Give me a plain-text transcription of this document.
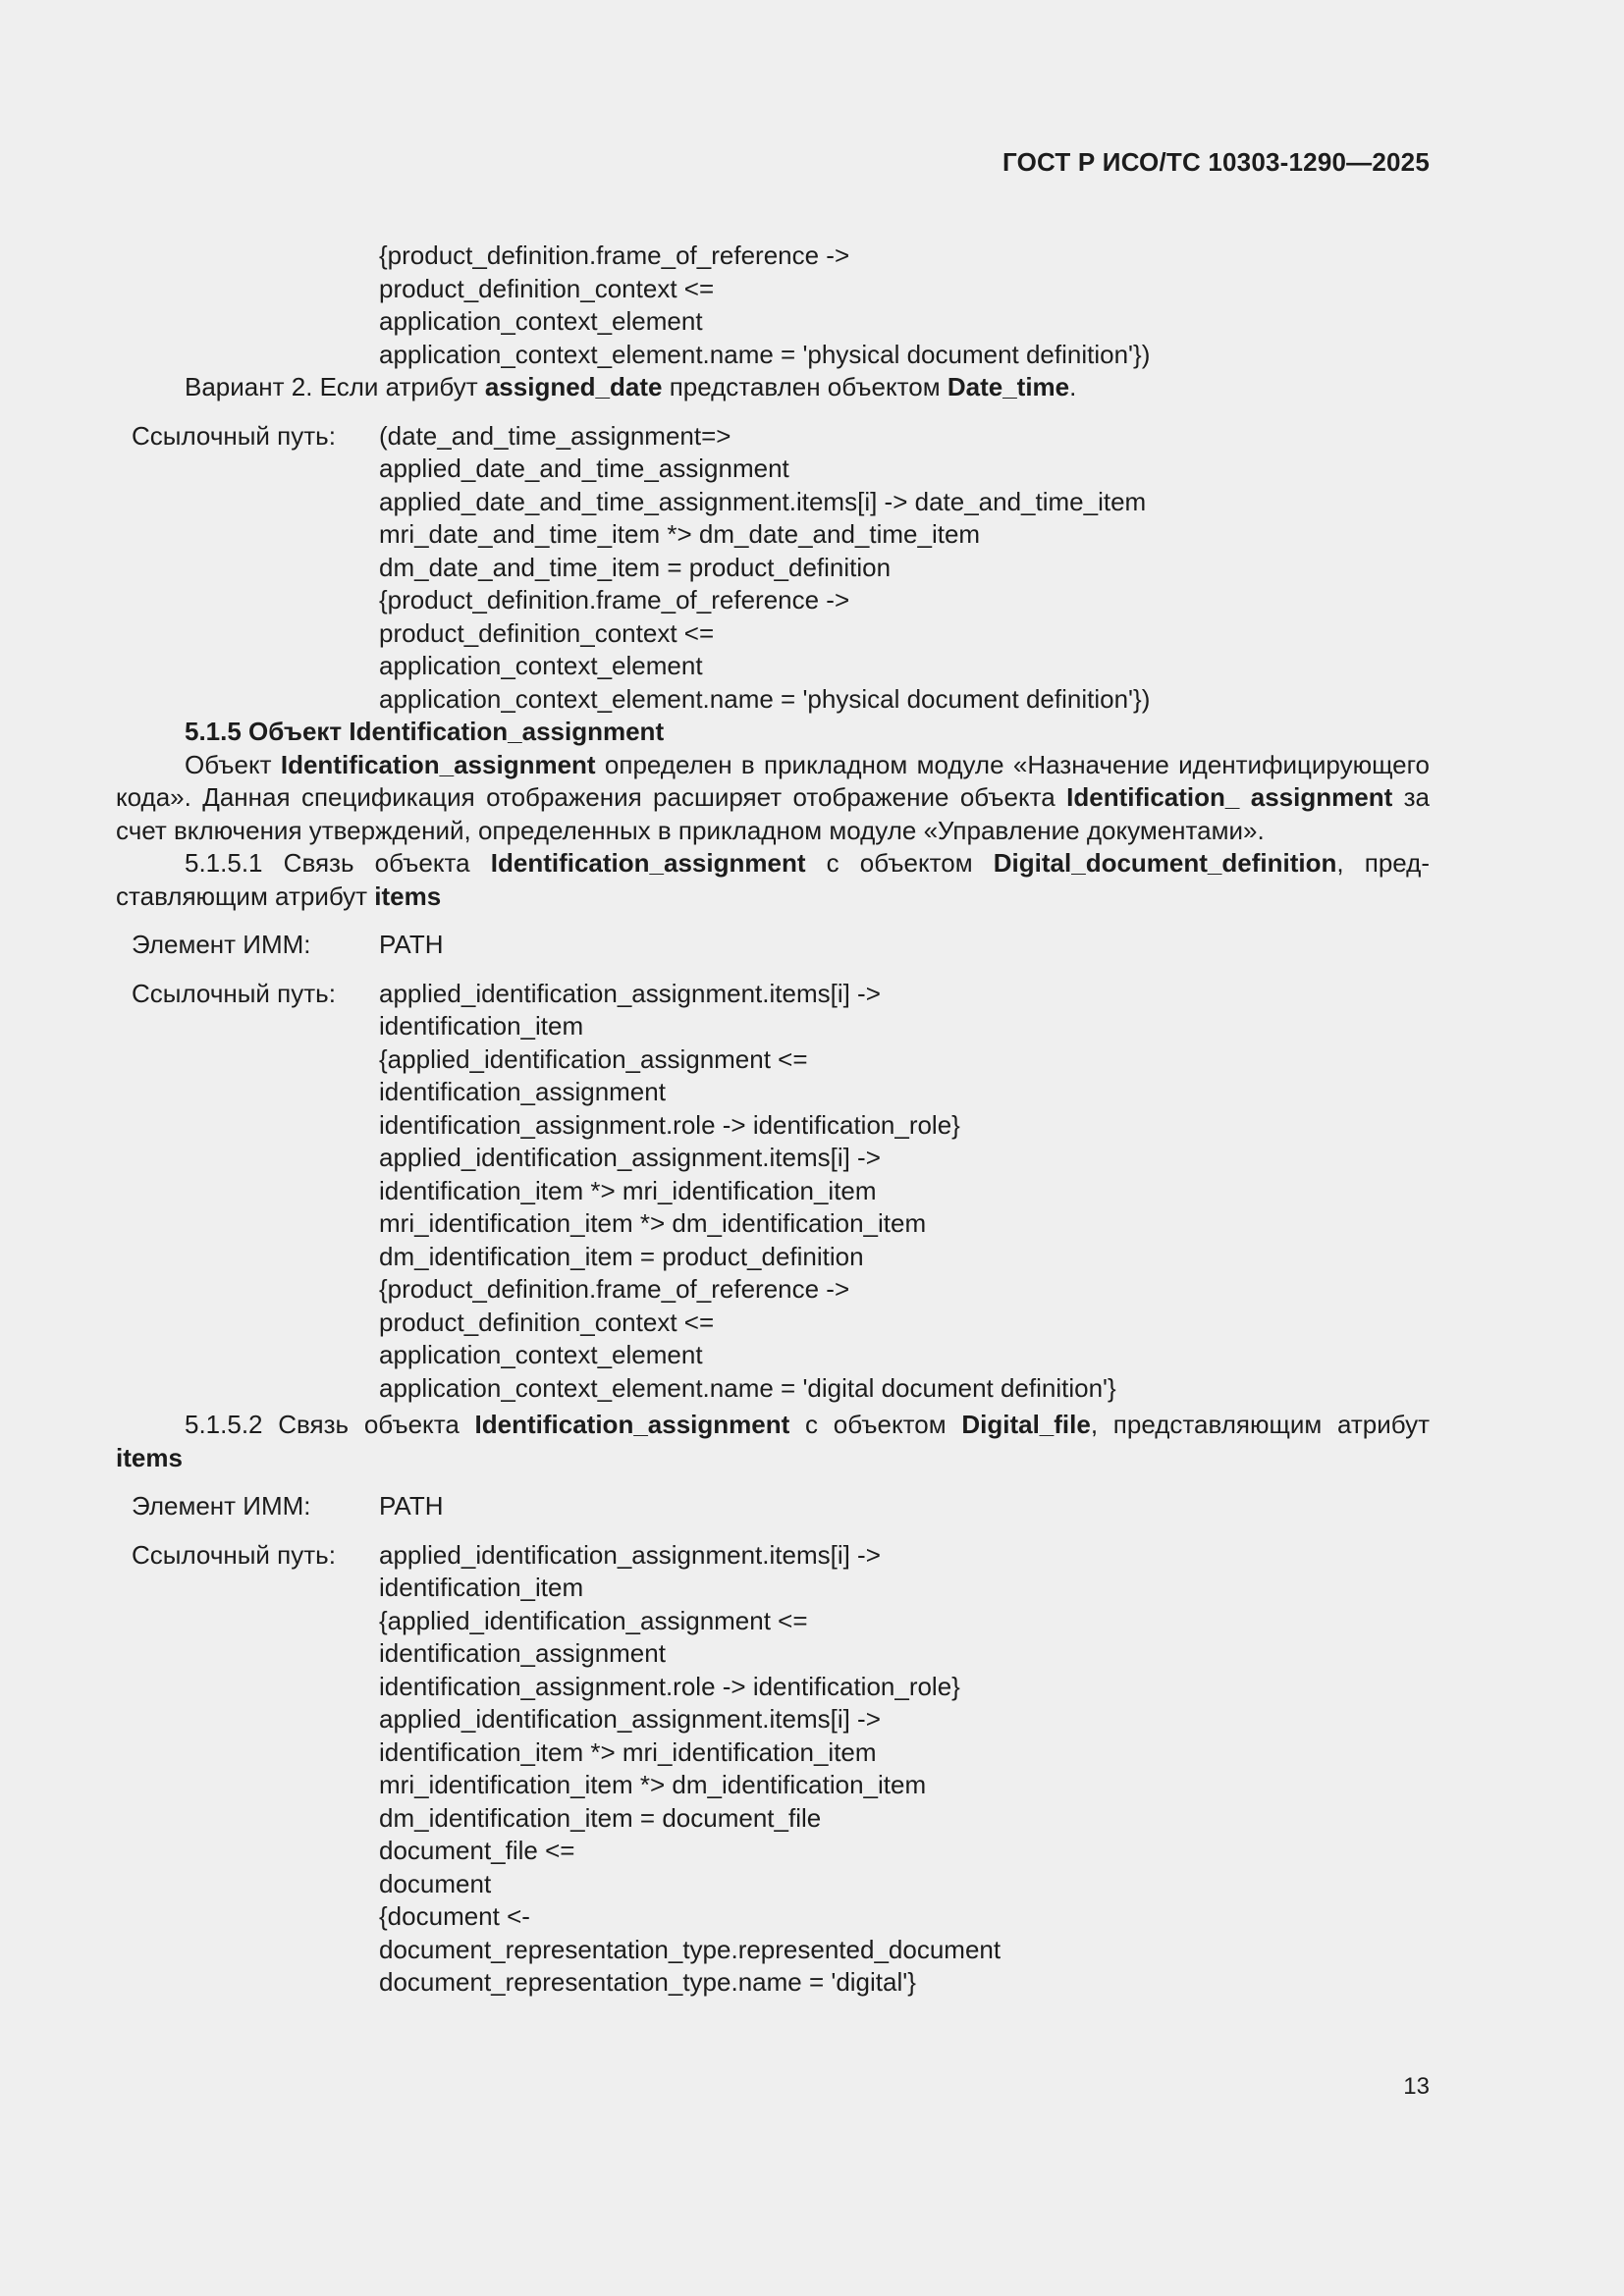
ГОСТ Р ИСО/ТС 10303-1290—2025
{product_definition.frame_of_reference ->
product_definition_context <=
application_context_element
application_context_element.name = 'physical document definition'})

Вариант 2. Если атрибут assigned_date представлен объектом Date_time.

Ссылочный путь:	(date_and_time_assignment=>
applied_date_and_time_assignment
applied_date_and_time_assignment.items[i] -> date_and_time_item
mri_date_and_time_item *> dm_date_and_time_item
dm_date_and_time_item = product_definition
{product_definition.frame_of_reference ->
product_definition_context <=
application_context_element
application_context_element.name = 'physical document definition'})

5.1.5 Объект Identification_assignment

Объект Identification_assignment определен в прикладном модуле «Назначение идентифицирующего кода». Данная спецификация отображения расширяет отображение объекта Identification_ assignment за счет включения утверждений, определенных в прикладном модуле «Управление документами».

5.1.5.1 Связь объекта Identification_assignment с объектом Digital_document_definition, представляющим атрибут items

Элемент ИММ:	PATH
Ссылочный путь:	applied_identification_assignment.items[i] ->
identification_item
{applied_identification_assignment <=
identification_assignment
identification_assignment.role -> identification_role}
applied_identification_assignment.items[i] ->
identification_item *> mri_identification_item
mri_identification_item *> dm_identification_item
dm_identification_item = product_definition
{product_definition.frame_of_reference ->
product_definition_context <=
application_context_element
application_context_element.name = 'digital document definition'}

5.1.5.2 Связь объекта Identification_assignment с объектом Digital_file, представляющим атрибут items

Элемент ИММ:	PATH
Ссылочный путь:	applied_identification_assignment.items[i] ->
identification_item
{applied_identification_assignment <=
identification_assignment
identification_assignment.role -> identification_role}
applied_identification_assignment.items[i] ->
identification_item *> mri_identification_item
mri_identification_item *> dm_identification_item
dm_identification_item = document_file
document_file <=
document
{document <-
document_representation_type.represented_document
document_representation_type.name = 'digital'}
13
